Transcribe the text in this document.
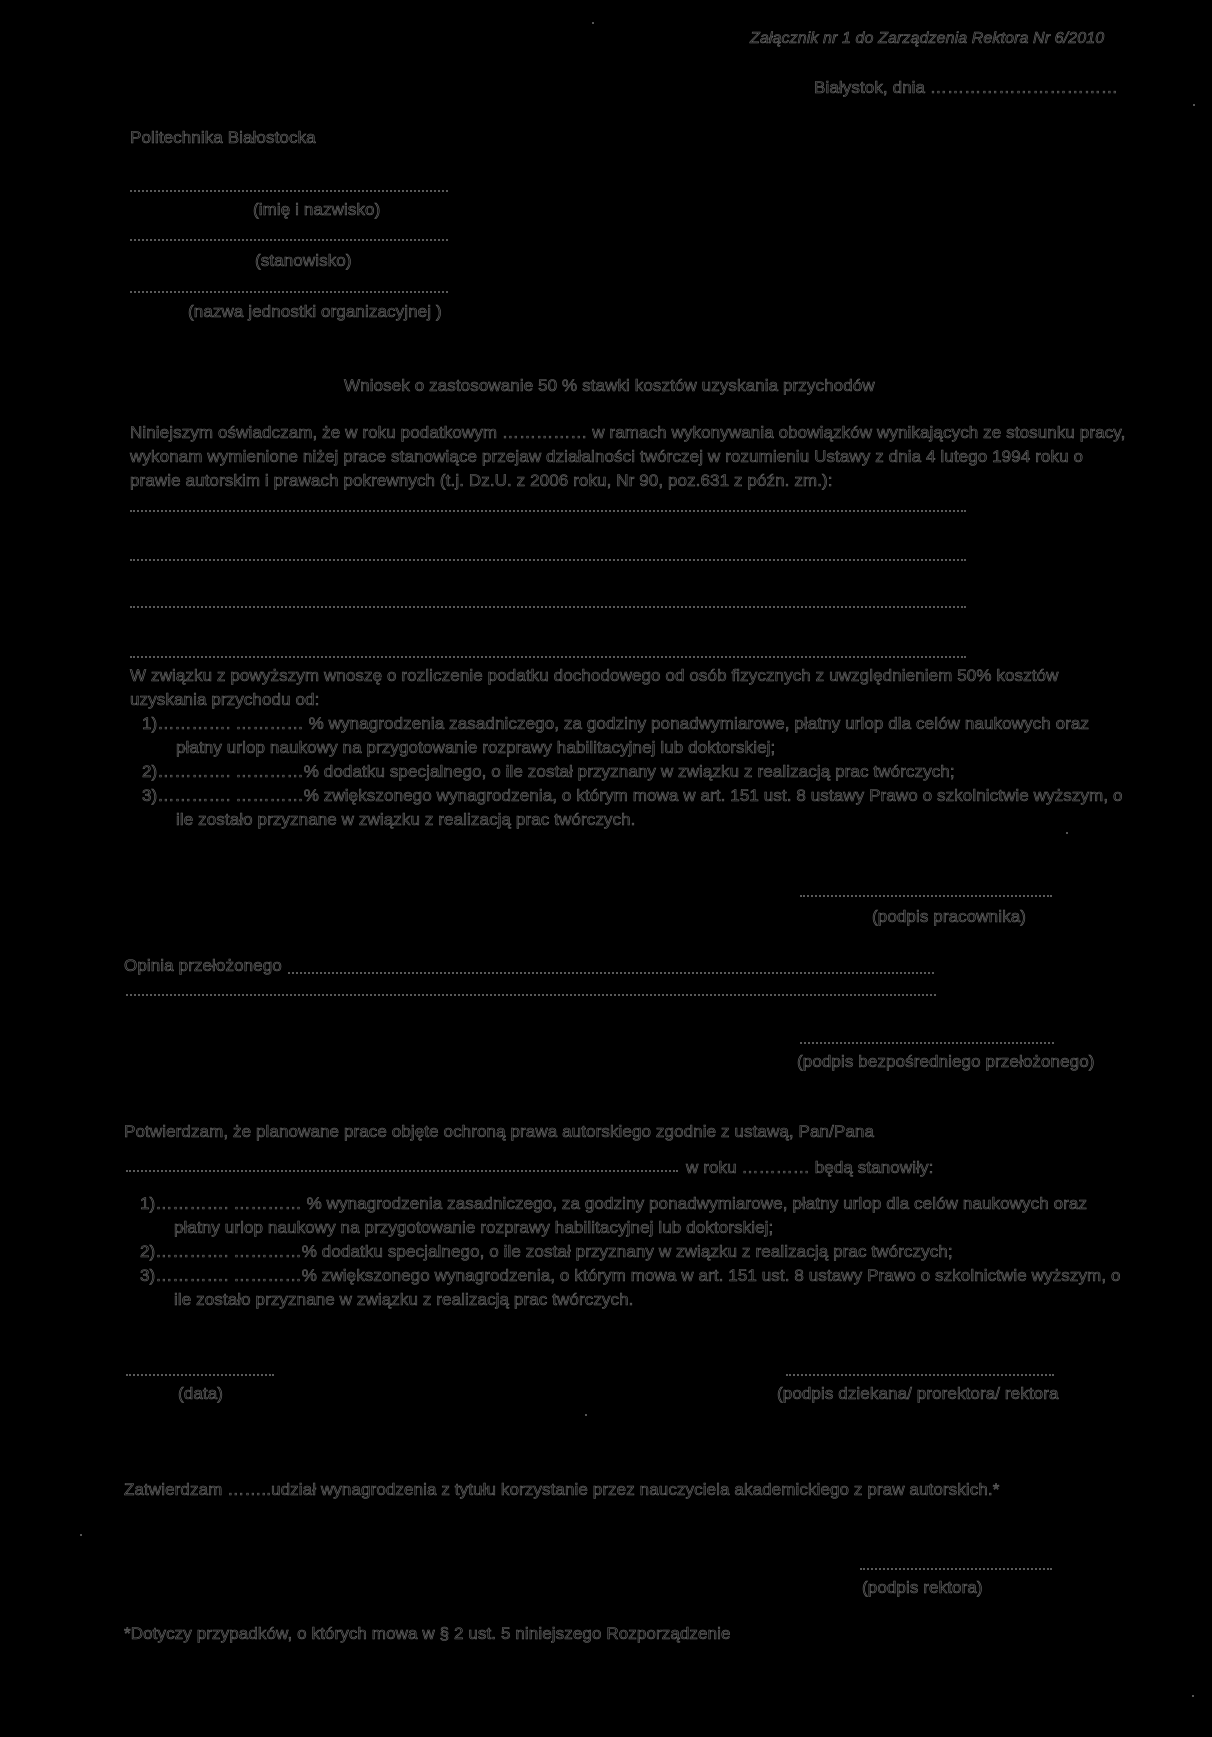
Załącznik nr 1 do Zarządzenia Rektora Nr 6/2010
Białystok, dnia ……………………………
Politechnika Białostocka
(imię i nazwisko)
(stanowisko)
(nazwa jednostki organizacyjnej )
Wniosek o zastosowanie 50 % stawki kosztów uzyskania przychodów
Niniejszym oświadczam, że w roku podatkowym …………… w ramach wykonywania obowiązków wynikających ze stosunku pracy,
wykonam wymienione niżej prace stanowiące przejaw działalności twórczej w rozumieniu Ustawy z dnia 4 lutego 1994 roku o
prawie autorskim i prawach pokrewnych (t.j. Dz.U. z 2006 roku, Nr 90, poz.631 z późn. zm.):
W związku z powyższym wnoszę o rozliczenie podatku dochodowego od osób fizycznych z uwzględnieniem 50% kosztów
uzyskania przychodu od:
1)…………. ………… % wynagrodzenia zasadniczego, za godziny ponadwymiarowe, płatny urlop dla celów naukowych oraz
płatny urlop naukowy na przygotowanie rozprawy habilitacyjnej lub doktorskiej;
2)…………. …………% dodatku specjalnego, o ile został przyznany w związku z realizacją prac twórczych;
3)…………. …………% zwiększonego wynagrodzenia, o którym mowa w art. 151 ust. 8 ustawy Prawo o szkolnictwie wyższym, o
ile zostało przyznane w związku z realizacją prac twórczych.
(podpis pracownika)
Opinia przełożonego
(podpis bezpośredniego przełożonego)
Potwierdzam, że planowane prace objęte ochroną prawa autorskiego zgodnie z ustawą, Pan/Pana
w roku ………… będą stanowiły:
1)…………. ………… % wynagrodzenia zasadniczego, za godziny ponadwymiarowe, płatny urlop dla celów naukowych oraz
płatny urlop naukowy na przygotowanie rozprawy habilitacyjnej lub doktorskiej;
2)…………. …………% dodatku specjalnego, o ile został przyznany w związku z realizacją prac twórczych;
3)…………. …………% zwiększonego wynagrodzenia, o którym mowa w art. 151 ust. 8 ustawy Prawo o szkolnictwie wyższym, o
ile zostało przyznane w związku z realizacją prac twórczych.
(data)	(podpis dziekana/ prorektora/ rektora
Zatwierdzam ……..udział wynagrodzenia z tytułu korzystanie przez nauczyciela akademickiego z praw autorskich.*
(podpis rektora)
*Dotyczy przypadków, o których mowa w § 2 ust. 5 niniejszego Rozporządzenie
